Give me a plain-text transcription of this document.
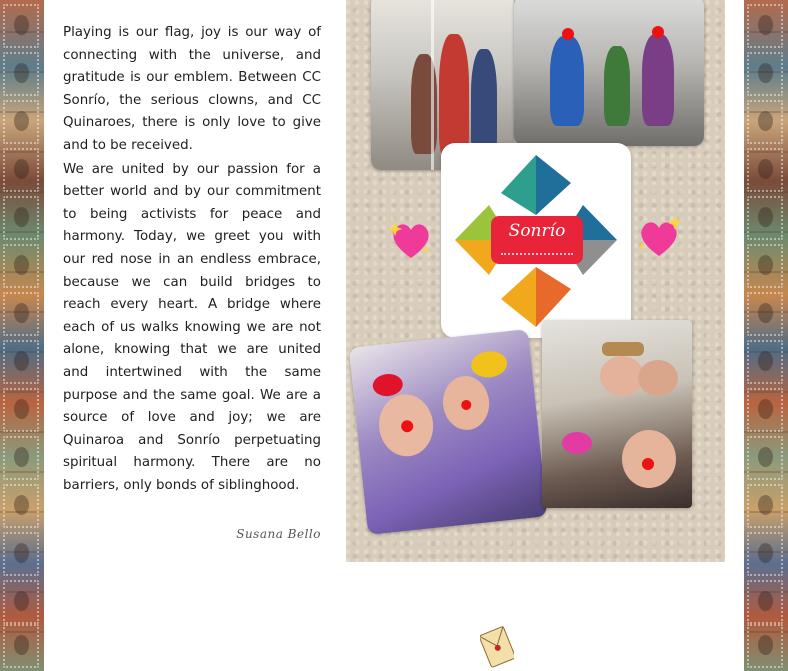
Playing is our flag, joy is our way of connecting with the universe, and gratitude is our emblem. Between CC Sonrío, the serious clowns, and CC Quinaroes, there is only love to give and to be received.

We are united by our passion for a better world and by our commitment to being activists for peace and harmony. Today, we greet you with our red nose in an endless embrace, because we can build bridges to reach every heart. A bridge where each of us walks knowing we are not alone, knowing that we are united and intertwined with the same purpose and the same goal. We are a source of love and joy; we are Quinaroa and Sonrío perpetuating spiritual harmony. There are no barriers, only bonds of siblinghood.

Susana Bello
Sonrío
